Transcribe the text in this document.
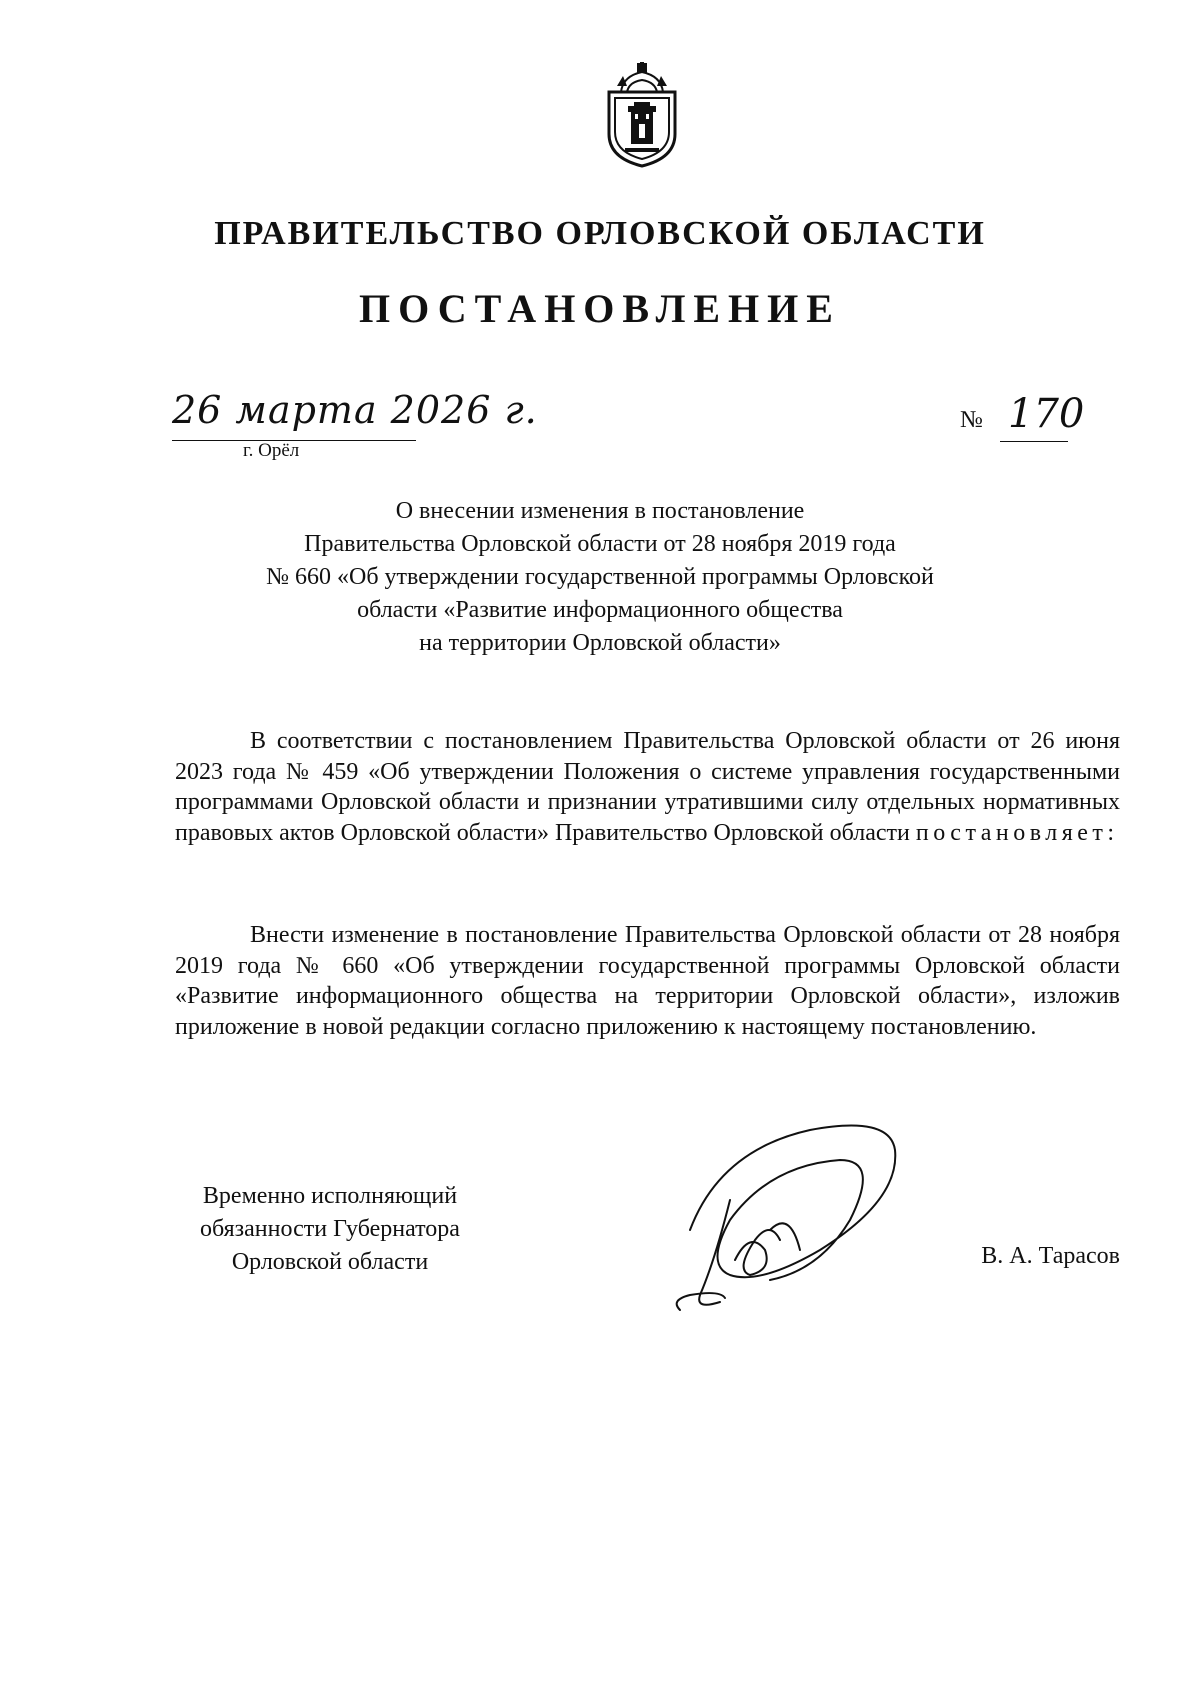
ПРАВИТЕЛЬСТВО ОРЛОВСКОЙ ОБЛАСТИ
ПОСТАНОВЛЕНИЕ
26 марта 2026 г.
г. Орёл
№ 170
О внесении изменения в постановление
Правительства Орловской области от 28 ноября 2019 года
№ 660 «Об утверждении государственной программы Орловской
области «Развитие информационного общества
на территории Орловской области»
В соответствии с постановлением Правительства Орловской области от 26 июня 2023 года № 459 «Об утверждении Положения о системе управления государственными программами Орловской области и признании утратившими силу отдельных нормативных правовых актов Орловской области» Правительство Орловской области постановляет:
Внести изменение в постановление Правительства Орловской области от 28 ноября 2019 года № 660 «Об утверждении государственной программы Орловской области «Развитие информационного общества на территории Орловской области», изложив приложение в новой редакции согласно приложению к настоящему постановлению.
Временно исполняющий
обязанности Губернатора
Орловской области	В. А. Тарасов
